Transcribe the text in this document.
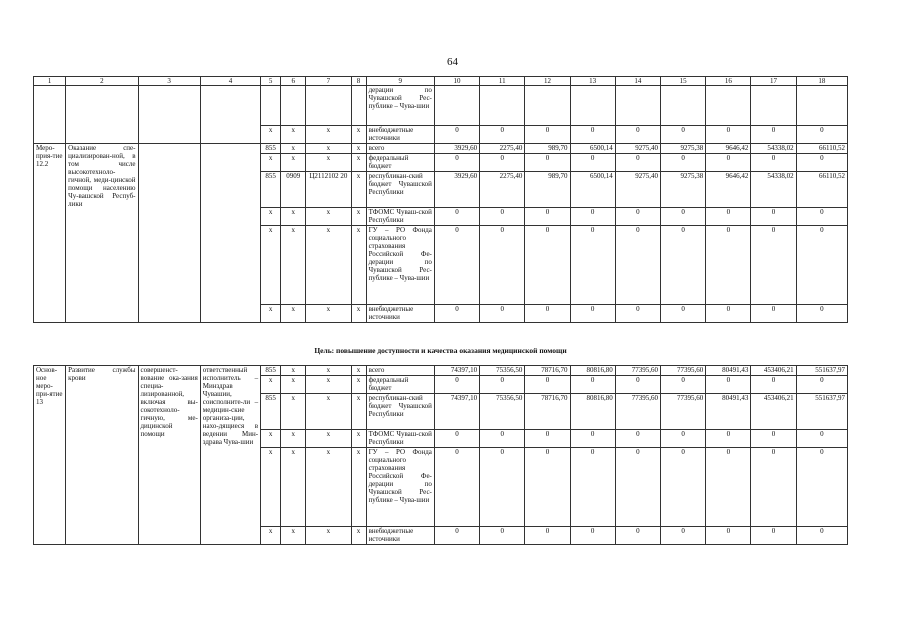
64
1	2	3	4	5	6	7	8	9	10	11	12	13	14	15	16	17	18
								дерации по Чувашской Рес-публике – Чува-шии									
				x	x	x	x	внебюджетные источники	0	0	0	0	0	0	0	0	0
Меро-прия-тие 12.2	Оказание спе-циализирован-ной, в том числе высокотехноло-гичной, меди-цинской помощи населению Чу-вашской Респуб-лики			855	x	x	x	всего	3929,60	2275,40	989,70	6500,14	9275,40	9275,38	9646,42	54338,02	66110,52
				x	x	x	x	федеральный бюджет	0	0	0	0	0	0	0	0	0
				855	0909	Ц2112102 20	x	республикан-ский бюджет Чувашской Республики	3929,60	2275,40	989,70	6500,14	9275,40	9275,38	9646,42	54338,02	66110,52
				x	x	x	x	ТФОМС Чуваш-ской Республики	0	0	0	0	0	0	0	0	0
				x	x	x	x	ГУ – РО Фонда социального страхования Российской Фе-дерации по Чувашской Рес-публике – Чува-шии	0	0	0	0	0	0	0	0	0
				x	x	x	x	внебюджетные источники	0	0	0	0	0	0	0	0	0
Цель: повышение доступности и качества оказания медицинской помощи
Основ-ное меро-при-ятие 13	Развитие службы крови	совершенст-вование ока-зания специа-лизированной, включая вы-сокотехноло-гичную, ме-дицинской помощи	ответственный исполнитель – Минздрав Чувашии, соисполните-ли – медицин-ские организа-ции, нахо-дящиеся в ведении Мин-здрава Чува-шии	855	x	x	x	всего	74397,10	75356,50	78716,70	80816,80	77395,60	77395,60	80491,43	453406,21	551637,97
				x	x	x	x	федеральный бюджет	0	0	0	0	0	0	0	0	0
				855	x	x	x	республикан-ский бюджет Чувашской Республики	74397,10	75356,50	78716,70	80816,80	77395,60	77395,60	80491,43	453406,21	551637,97
				x	x	x	x	ТФОМС Чуваш-ской Республики	0	0	0	0	0	0	0	0	0
				x	x	x	x	ГУ – РО Фонда социального страхования Российской Фе-дерации по Чувашской Рес-публике – Чува-шии	0	0	0	0	0	0	0	0	0
				x	x	x	x	внебюджетные источники	0	0	0	0	0	0	0	0	0
